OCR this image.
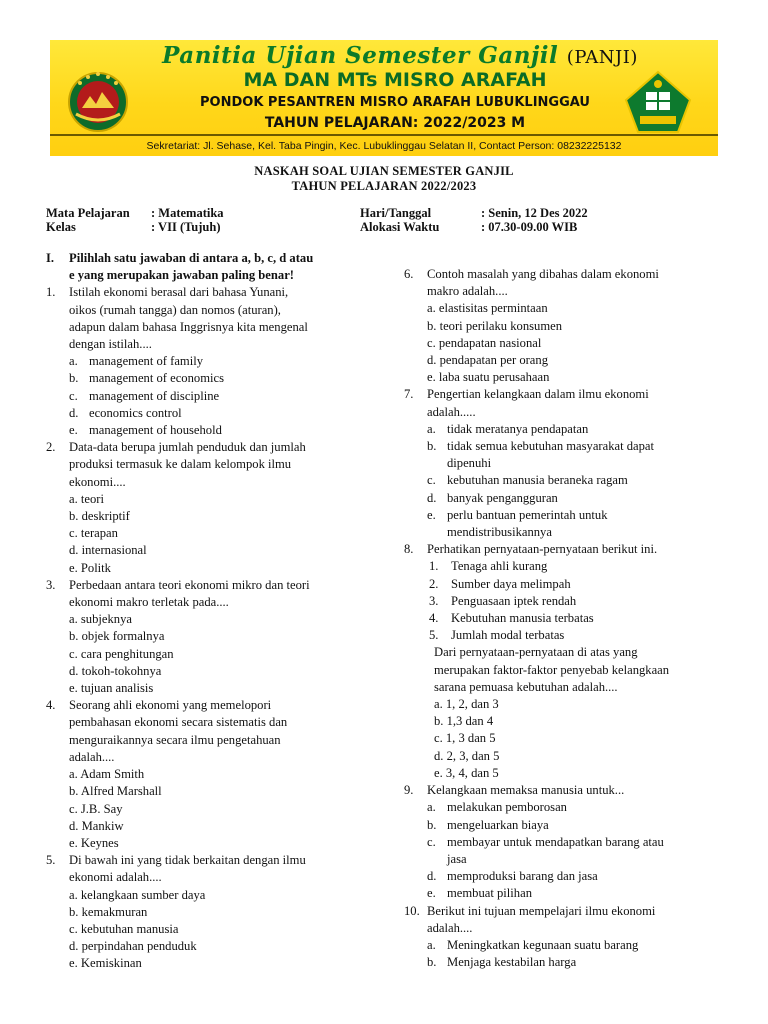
Panitia Ujian Semester Ganjil (PANJI)
MA DAN MTs MISRO ARAFAH
PONDOK PESANTREN MISRO ARAFAH LUBUKLINGGAU
TAHUN PELAJARAN: 2022/2023 M
Sekretariat: Jl. Sehase, Kel. Taba Pingin, Kec. Lubuklinggau Selatan II, Contact Person: 08232225132
NASKAH SOAL UJIAN SEMESTER GANJIL
TAHUN PELAJARAN 2022/2023
Mata Pelajaran : Matematika
Kelas	: VII (Tujuh)
Hari/Tanggal	: Senin, 12 Des 2022
Alokasi Waktu	: 07.30-09.00 WIB
I. Pilihlah satu jawaban di antara a, b, c, d atau
e yang merupakan jawaban paling benar!
1. Istilah ekonomi berasal dari bahasa Yunani,
oikos (rumah tangga) dan nomos (aturan),
adapun dalam bahasa Inggrisnya kita mengenal
dengan istilah....
a. management of family
b. management of economics
c. management of discipline
d. economics control
e. management of household
2. Data-data berupa jumlah penduduk dan jumlah
produksi termasuk ke dalam kelompok ilmu
ekonomi....
a. teori
b. deskriptif
c. terapan
d. internasional
e. Politk
3. Perbedaan antara teori ekonomi mikro dan teori
ekonomi makro terletak pada....
a. subjeknya
b. objek formalnya
c. cara penghitungan
d. tokoh-tokohnya
e. tujuan analisis
4. Seorang ahli ekonomi yang memelopori
pembahasan ekonomi secara sistematis dan
menguraikannya secara ilmu pengetahuan
adalah....
a. Adam Smith
b. Alfred Marshall
c. J.B. Say
d. Mankiw
e. Keynes
5. Di bawah ini yang tidak berkaitan dengan ilmu
ekonomi adalah....
a. kelangkaan sumber daya
b. kemakmuran
c. kebutuhan manusia
d. perpindahan penduduk
e. Kemiskinan
6. Contoh masalah yang dibahas dalam ekonomi
makro adalah....
a. elastisitas permintaan
b. teori perilaku konsumen
c. pendapatan nasional
d. pendapatan per orang
e. laba suatu perusahaan
7. Pengertian kelangkaan dalam ilmu ekonomi
adalah.....
a. tidak meratanya pendapatan
b. tidak semua kebutuhan masyarakat dapat
dipenuhi
c. kebutuhan manusia beraneka ragam
d. banyak pengangguran
e. perlu bantuan pemerintah untuk
mendistribusikannya
8. Perhatikan pernyataan-pernyataan berikut ini.
1. Tenaga ahli kurang
2. Sumber daya melimpah
3. Penguasaan iptek rendah
4. Kebutuhan manusia terbatas
5. Jumlah modal terbatas
Dari pernyataan-pernyataan di atas yang
merupakan faktor-faktor penyebab kelangkaan
sarana pemuasa kebutuhan adalah....
a. 1, 2, dan 3
b. 1,3 dan 4
c. 1, 3 dan 5
d. 2, 3, dan 5
e. 3, 4, dan 5
9. Kelangkaan memaksa manusia untuk...
a. melakukan pemborosan
b. mengeluarkan biaya
c. membayar untuk mendapatkan barang atau
jasa
d. memproduksi barang dan jasa
e. membuat pilihan
10. Berikut ini tujuan mempelajari ilmu ekonomi
adalah....
a. Meningkatkan kegunaan suatu barang
b. Menjaga kestabilan harga
